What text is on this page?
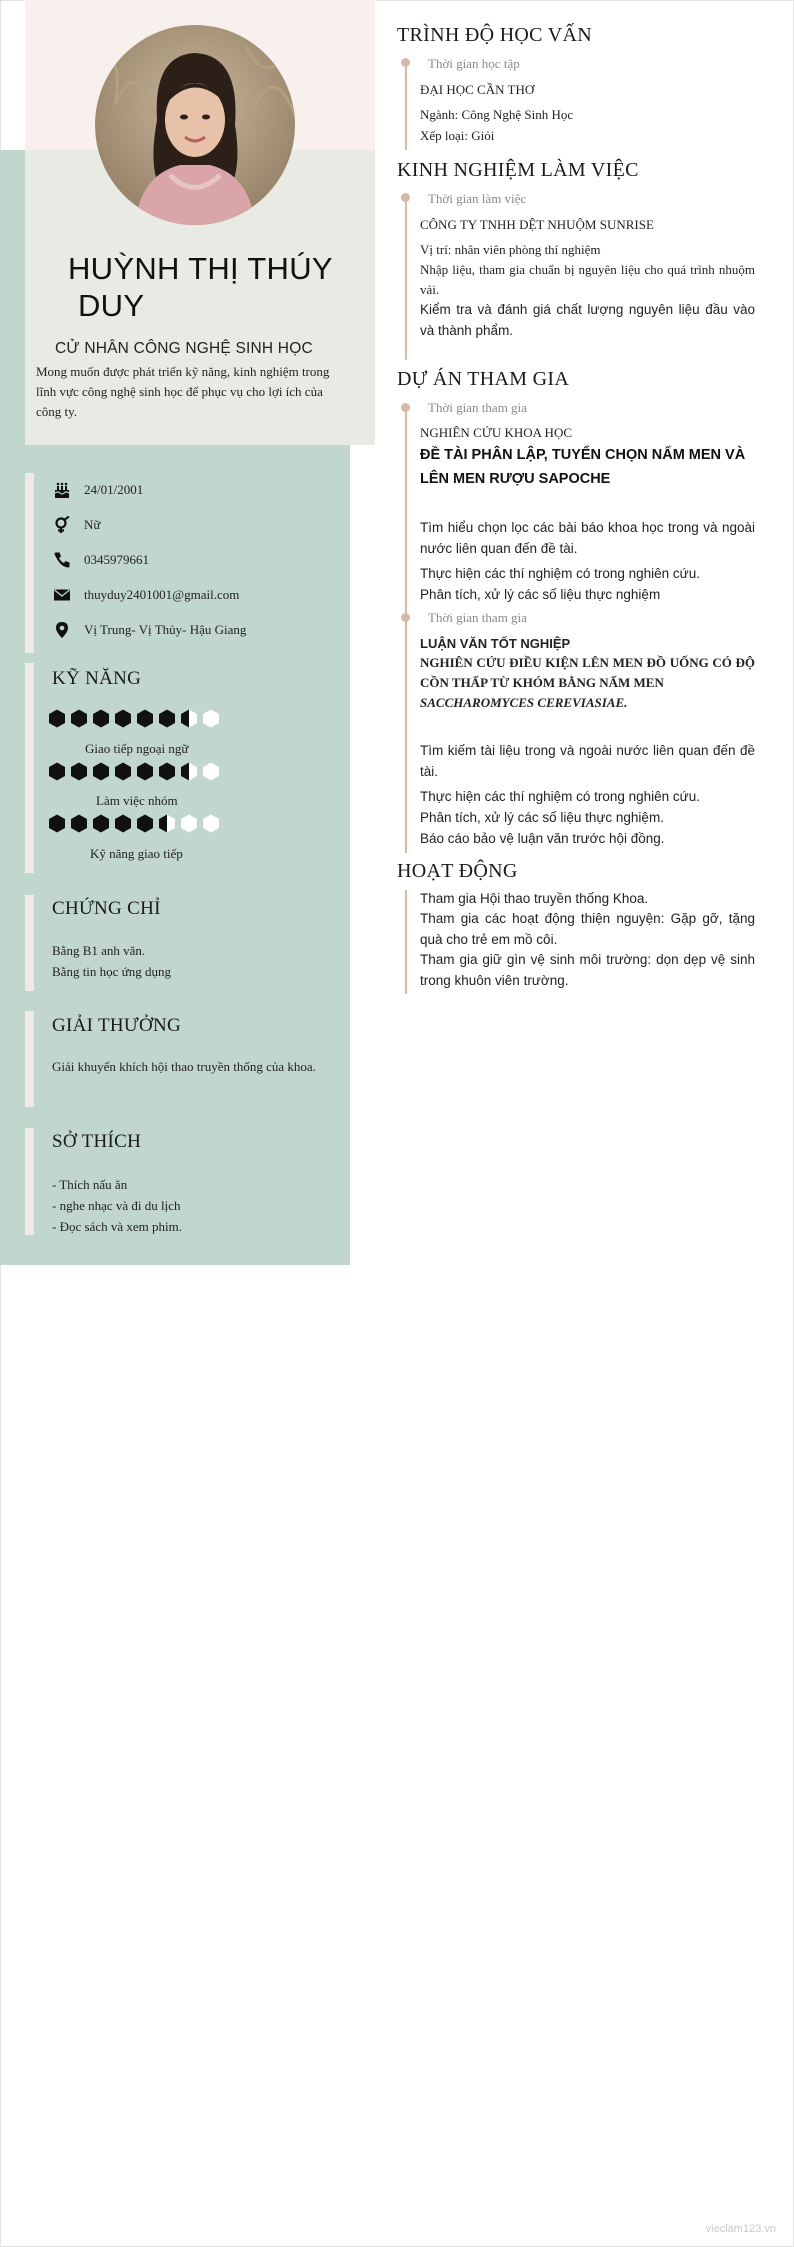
HUỲNH THỊ THÚY
DUY
CỬ NHÂN CÔNG NGHỆ SINH HỌC
Mong muốn được phát triển kỹ năng, kinh nghiệm trong lĩnh vực công nghệ sinh học để phục vụ cho lợi ích của công ty.
24/01/2001
Nữ
0345979661
thuyduy2401001@gmail.com
Vị Trung- Vị Thủy- Hậu Giang
KỸ NĂNG
Giao tiếp ngoại ngữ
Làm việc nhóm
Kỹ năng giao tiếp
CHỨNG CHỈ
Bằng B1 anh văn.
Bằng tin học ứng dụng
GIẢI THƯỞNG
Giải khuyến khích hội thao truyền thống của khoa.
SỞ THÍCH
- Thích nấu ăn
- nghe nhạc và đi du lịch
- Đọc sách và xem phim.
TRÌNH ĐỘ HỌC VẤN
Thời gian học tập
ĐẠI HỌC CẦN THƠ
Ngành: Công Nghệ Sinh Học
Xếp loại: Giỏi
KINH NGHIỆM LÀM VIỆC
Thời gian làm việc
CÔNG TY TNHH DỆT NHUỘM SUNRISE
Vị trí: nhân viên phòng thí nghiệm
Nhập liệu, tham gia chuẩn bị nguyên liệu cho quá trình nhuộm vải.
Kiểm tra và đánh giá chất lượng nguyên liệu đầu vào và thành phẩm.
DỰ ÁN THAM GIA
Thời gian tham gia
NGHIÊN CỨU KHOA HỌC
ĐỀ TÀI PHÂN LẬP, TUYỂN CHỌN NẤM MEN VÀ LÊN MEN RƯỢU SAPOCHE
Tìm hiểu chọn lọc các bài báo khoa học trong và ngoài nước liên quan đến đề tài.
Thực hiện các thí nghiệm có trong nghiên cứu.
Phân tích, xử lý các số liệu thực nghiệm
Thời gian tham gia
LUẬN VĂN TỐT NGHIỆP
NGHIÊN CỨU ĐIỀU KIỆN LÊN MEN ĐỒ UỐNG CÓ ĐỘ CỒN THẤP TỪ KHÓM BẰNG NẤM MEN
SACCHAROMYCES CEREVIASIAE.
Tìm kiếm tài liệu trong và ngoài nước liên quan đến đề tài.
Thực hiện các thí nghiệm có trong nghiên cứu.
Phân tích, xử lý các số liệu thực nghiệm.
Báo cáo bảo vệ luận văn trước hội đồng.
HOẠT ĐỘNG
Tham gia Hội thao truyền thống Khoa.
Tham gia các hoạt động thiện nguyện: Gặp gỡ, tặng quà cho trẻ em mồ côi.
Tham gia giữ gìn vệ sinh môi trường: dọn dẹp vệ sinh trong khuôn viên trường.
vieclam123.vn
